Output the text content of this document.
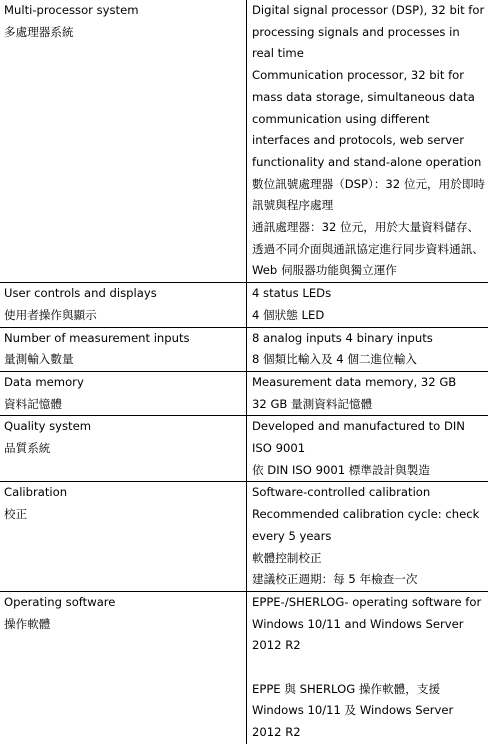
Multi-processor system
多處理器系統	Digital signal processor (DSP), 32 bit for processing signals and processes in real time
Communication processor, 32 bit for mass data storage, simultaneous data communication using different interfaces and protocols, web server functionality and stand-alone operation
數位訊號處理器（DSP）：32 位元，用於即時訊號與程序處理
通訊處理器：32 位元，用於大量資料儲存、透過不同介面與通訊協定進行同步資料通訊、Web 伺服器功能與獨立運作

User controls and displays
使用者操作與顯示	4 status LEDs
4 個狀態 LED

Number of measurement inputs
量測輸入數量	8 analog inputs 4 binary inputs
8 個類比輸入及 4 個二進位輸入

Data memory
資料記憶體	Measurement data memory, 32 GB
32 GB 量測資料記憶體

Quality system
品質系統	Developed and manufactured to DIN ISO 9001
依 DIN ISO 9001 標準設計與製造

Calibration
校正	Software-controlled calibration
Recommended calibration cycle: check every 5 years
軟體控制校正
建議校正週期：每 5 年檢查一次

Operating software
操作軟體	EPPE-/SHERLOG- operating software for Windows 10/11 and Windows Server 2012 R2
EPPE 與 SHERLOG 操作軟體，支援 Windows 10/11 及 Windows Server 2012 R2
